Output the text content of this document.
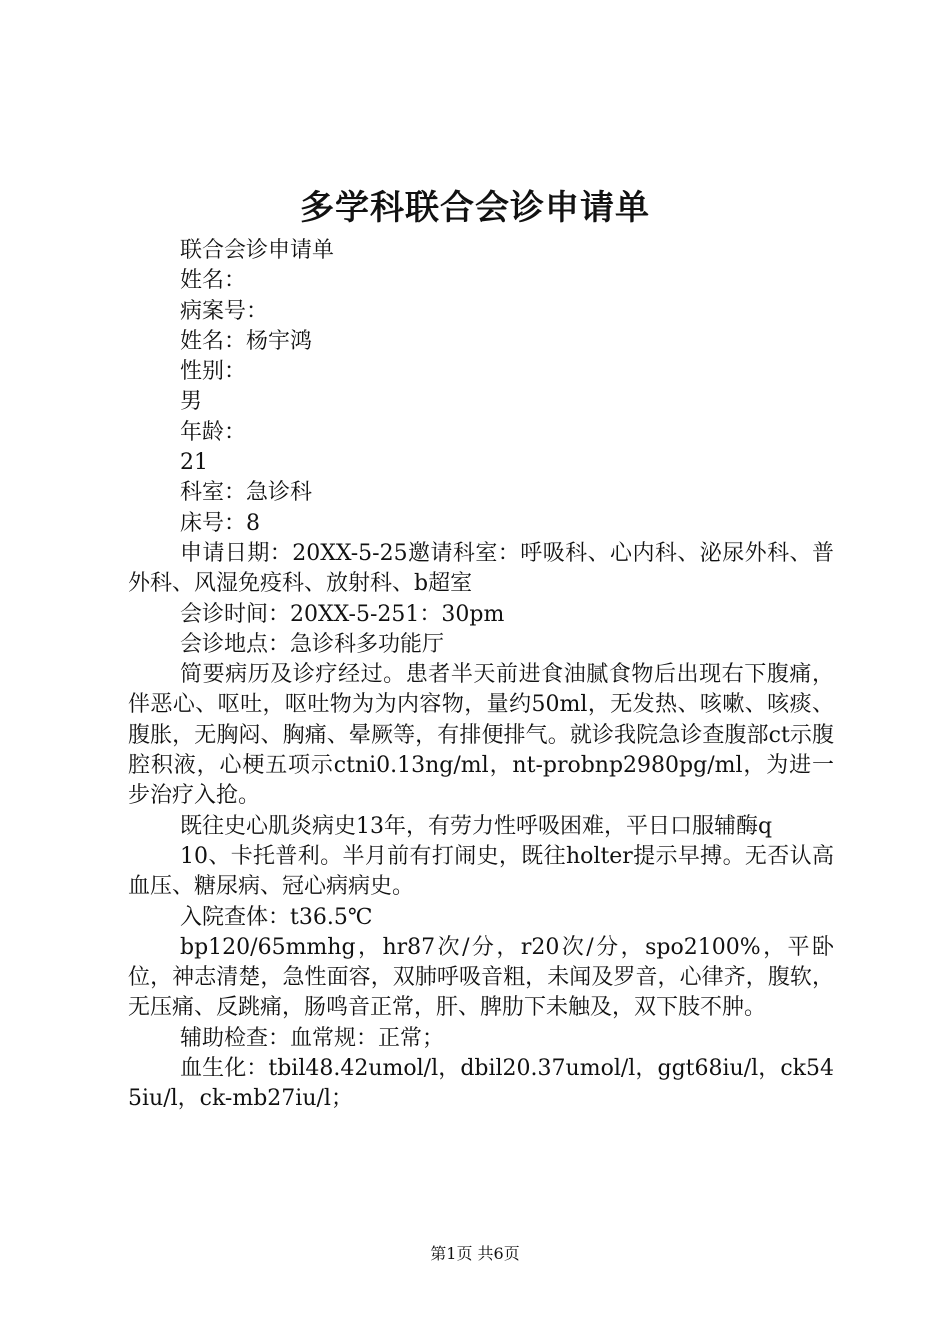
多学科联合会诊申请单

联合会诊申请单

姓名：

病案号：

姓名：杨宇鸿

性别：

男

年龄：

21

科室：急诊科

床号：8

申请日期：20XX-5-25邀请科室：呼吸科、心内科、泌尿外科、普外科、风湿免疫科、放射科、b超室

会诊时间：20XX-5-251：30pm

会诊地点：急诊科多功能厅

简要病历及诊疗经过。患者半天前进食油腻食物后出现右下腹痛，伴恶心、呕吐，呕吐物为为内容物，量约50ml，无发热、咳嗽、咳痰、腹胀，无胸闷、胸痛、晕厥等，有排便排气。就诊我院急诊查腹部ct示腹腔积液，心梗五项示ctni0.13ng/ml，nt-probnp2980pg/ml，为进一步治疗入抢。

既往史心肌炎病史13年，有劳力性呼吸困难，平日口服辅酶q

10、卡托普利。半月前有打闹史，既往holter提示早搏。无否认高血压、糖尿病、冠心病病史。

入院查体：t36.5℃

bp120/65mmhg，hr87次/分，r20次/分，spo2100%，平卧位，神志清楚，急性面容，双肺呼吸音粗，未闻及罗音，心律齐，腹软，无压痛、反跳痛，肠鸣音正常，肝、脾肋下未触及，双下肢不肿。

辅助检查：血常规：正常；

血生化：tbil48.42umol/l，dbil20.37umol/l，ggt68iu/l，ck545iu/l，ck-mb27iu/l；

第1页 共6页
